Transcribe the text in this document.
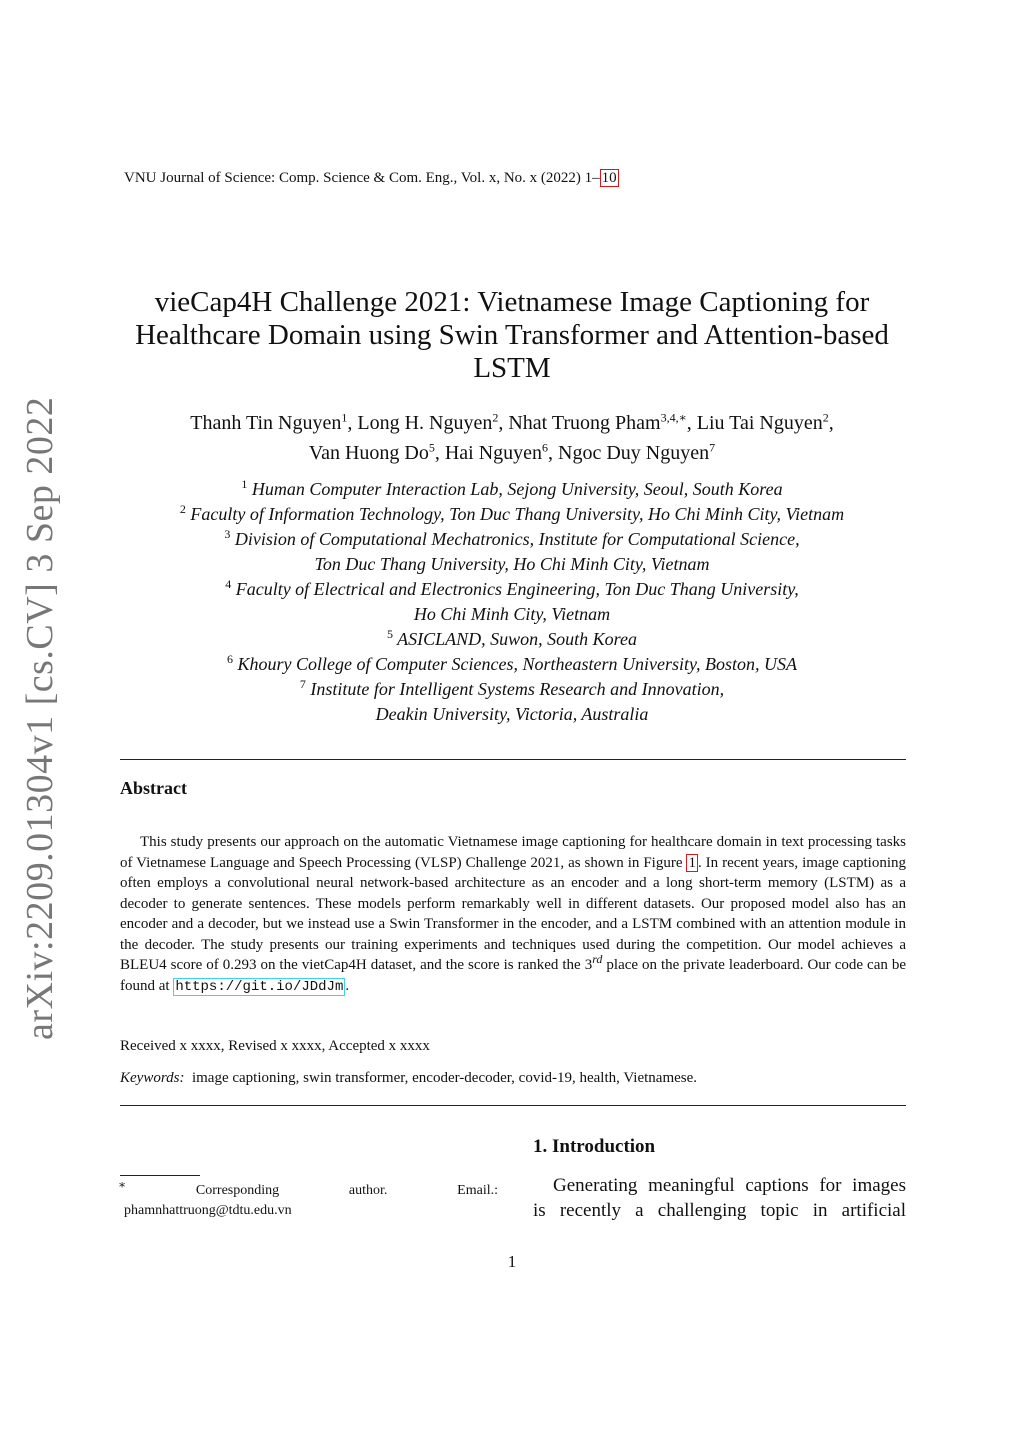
arXiv:2209.01304v1 [cs.CV] 3 Sep 2022
VNU Journal of Science: Comp. Science & Com. Eng., Vol. x, No. x (2022) 1– 10
vieCap4H Challenge 2021: Vietnamese Image Captioning for Healthcare Domain using Swin Transformer and Attention-based LSTM
Thanh Tin Nguyen$^1$, Long H. Nguyen$^2$, Nhat Truong Pham$^{3,4,∗}$, Liu Tai Nguyen$^2$,
Van Huong Do$^5$, Hai Nguyen$^6$, Ngoc Duy Nguyen$^7$
$^1$ Human Computer Interaction Lab, Sejong University, Seoul, South Korea
$^2$ Faculty of Information Technology, Ton Duc Thang University, Ho Chi Minh City, Vietnam
$^3$ Division of Computational Mechatronics, Institute for Computational Science,
Ton Duc Thang University, Ho Chi Minh City, Vietnam
$^4$ Faculty of Electrical and Electronics Engineering, Ton Duc Thang University,
Ho Chi Minh City, Vietnam
$^5$ ASICLAND, Suwon, South Korea
$^6$ Khoury College of Computer Sciences, Northeastern University, Boston, USA
$^7$ Institute for Intelligent Systems Research and Innovation,
Deakin University, Victoria, Australia
Abstract
This study presents our approach on the automatic Vietnamese image captioning for healthcare domain in text processing tasks of Vietnamese Language and Speech Processing (VLSP) Challenge 2021, as shown in Figure 1 . In recent years, image captioning often employs a convolutional neural network-based architecture as an encoder and a long short-term memory (LSTM) as a decoder to generate sentences. These models perform remarkably well in different datasets. Our proposed model also has an encoder and a decoder, but we instead use a Swin Transformer in the encoder, and a LSTM combined with an attention module in the decoder. The study presents our training experiments and techniques used during the competition. Our model achieves a BLEU4 score of 0.293 on the vietCap4H dataset, and the score is ranked the 3rd place on the private leaderboard. Our code can be found at https://git.io/JDdJm .
Received x xxxx, Revised x xxxx, Accepted x xxxx
Keywords: image captioning, swin transformer, encoder-decoder, covid-19, health, Vietnamese.
1. Introduction
Generating meaningful captions for images
is recently a challenging topic in artificial
∗	Corresponding	author.	Email.:
phamnhattruong@tdtu.edu.vn
1
